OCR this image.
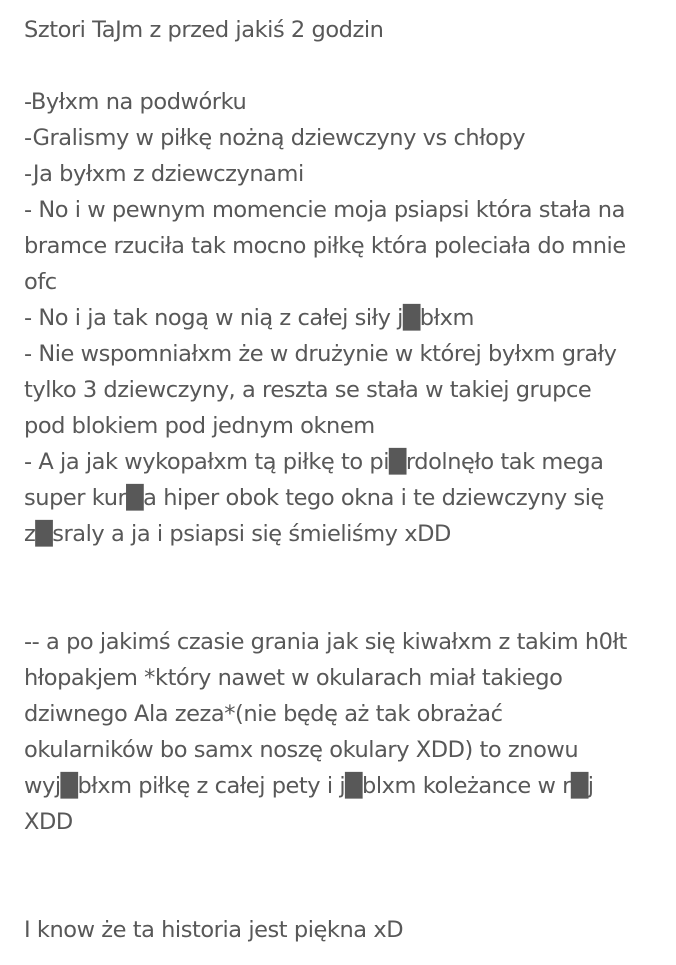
Sztori TaJm z przed jakiś 2 godzin
-Byłxm na podwórku
-Gralismy w piłkę nożną dziewczyny vs chłopy
-Ja byłxm z dziewczynami
- No i w pewnym momencie moja psiapsi która stała na
bramce rzuciła tak mocno piłkę która poleciała do mnie
ofc
- No i ja tak nogą w nią z całej siły j█błxm
- Nie wspomniałxm że w drużynie w której byłxm grały
tylko 3 dziewczyny, a reszta se stała w takiej grupce
pod blokiem pod jednym oknem
- A ja jak wykopałxm tą piłkę to pi█rdolnęło tak mega
super kur█a hiper obok tego okna i te dziewczyny się
z█sraly a ja i psiapsi się śmieliśmy xDD
-- a po jakimś czasie grania jak się kiwałxm z takim h0łt
hłopakjem *który nawet w okularach miał takiego
dziwnego Ala zeza*(nie będę aż tak obrażać
okularników bo samx noszę okulary XDD) to znowu
wyj█błxm piłkę z całej pety i j█blxm koleżance w r█j
XDD
I know że ta historia jest piękna xD
